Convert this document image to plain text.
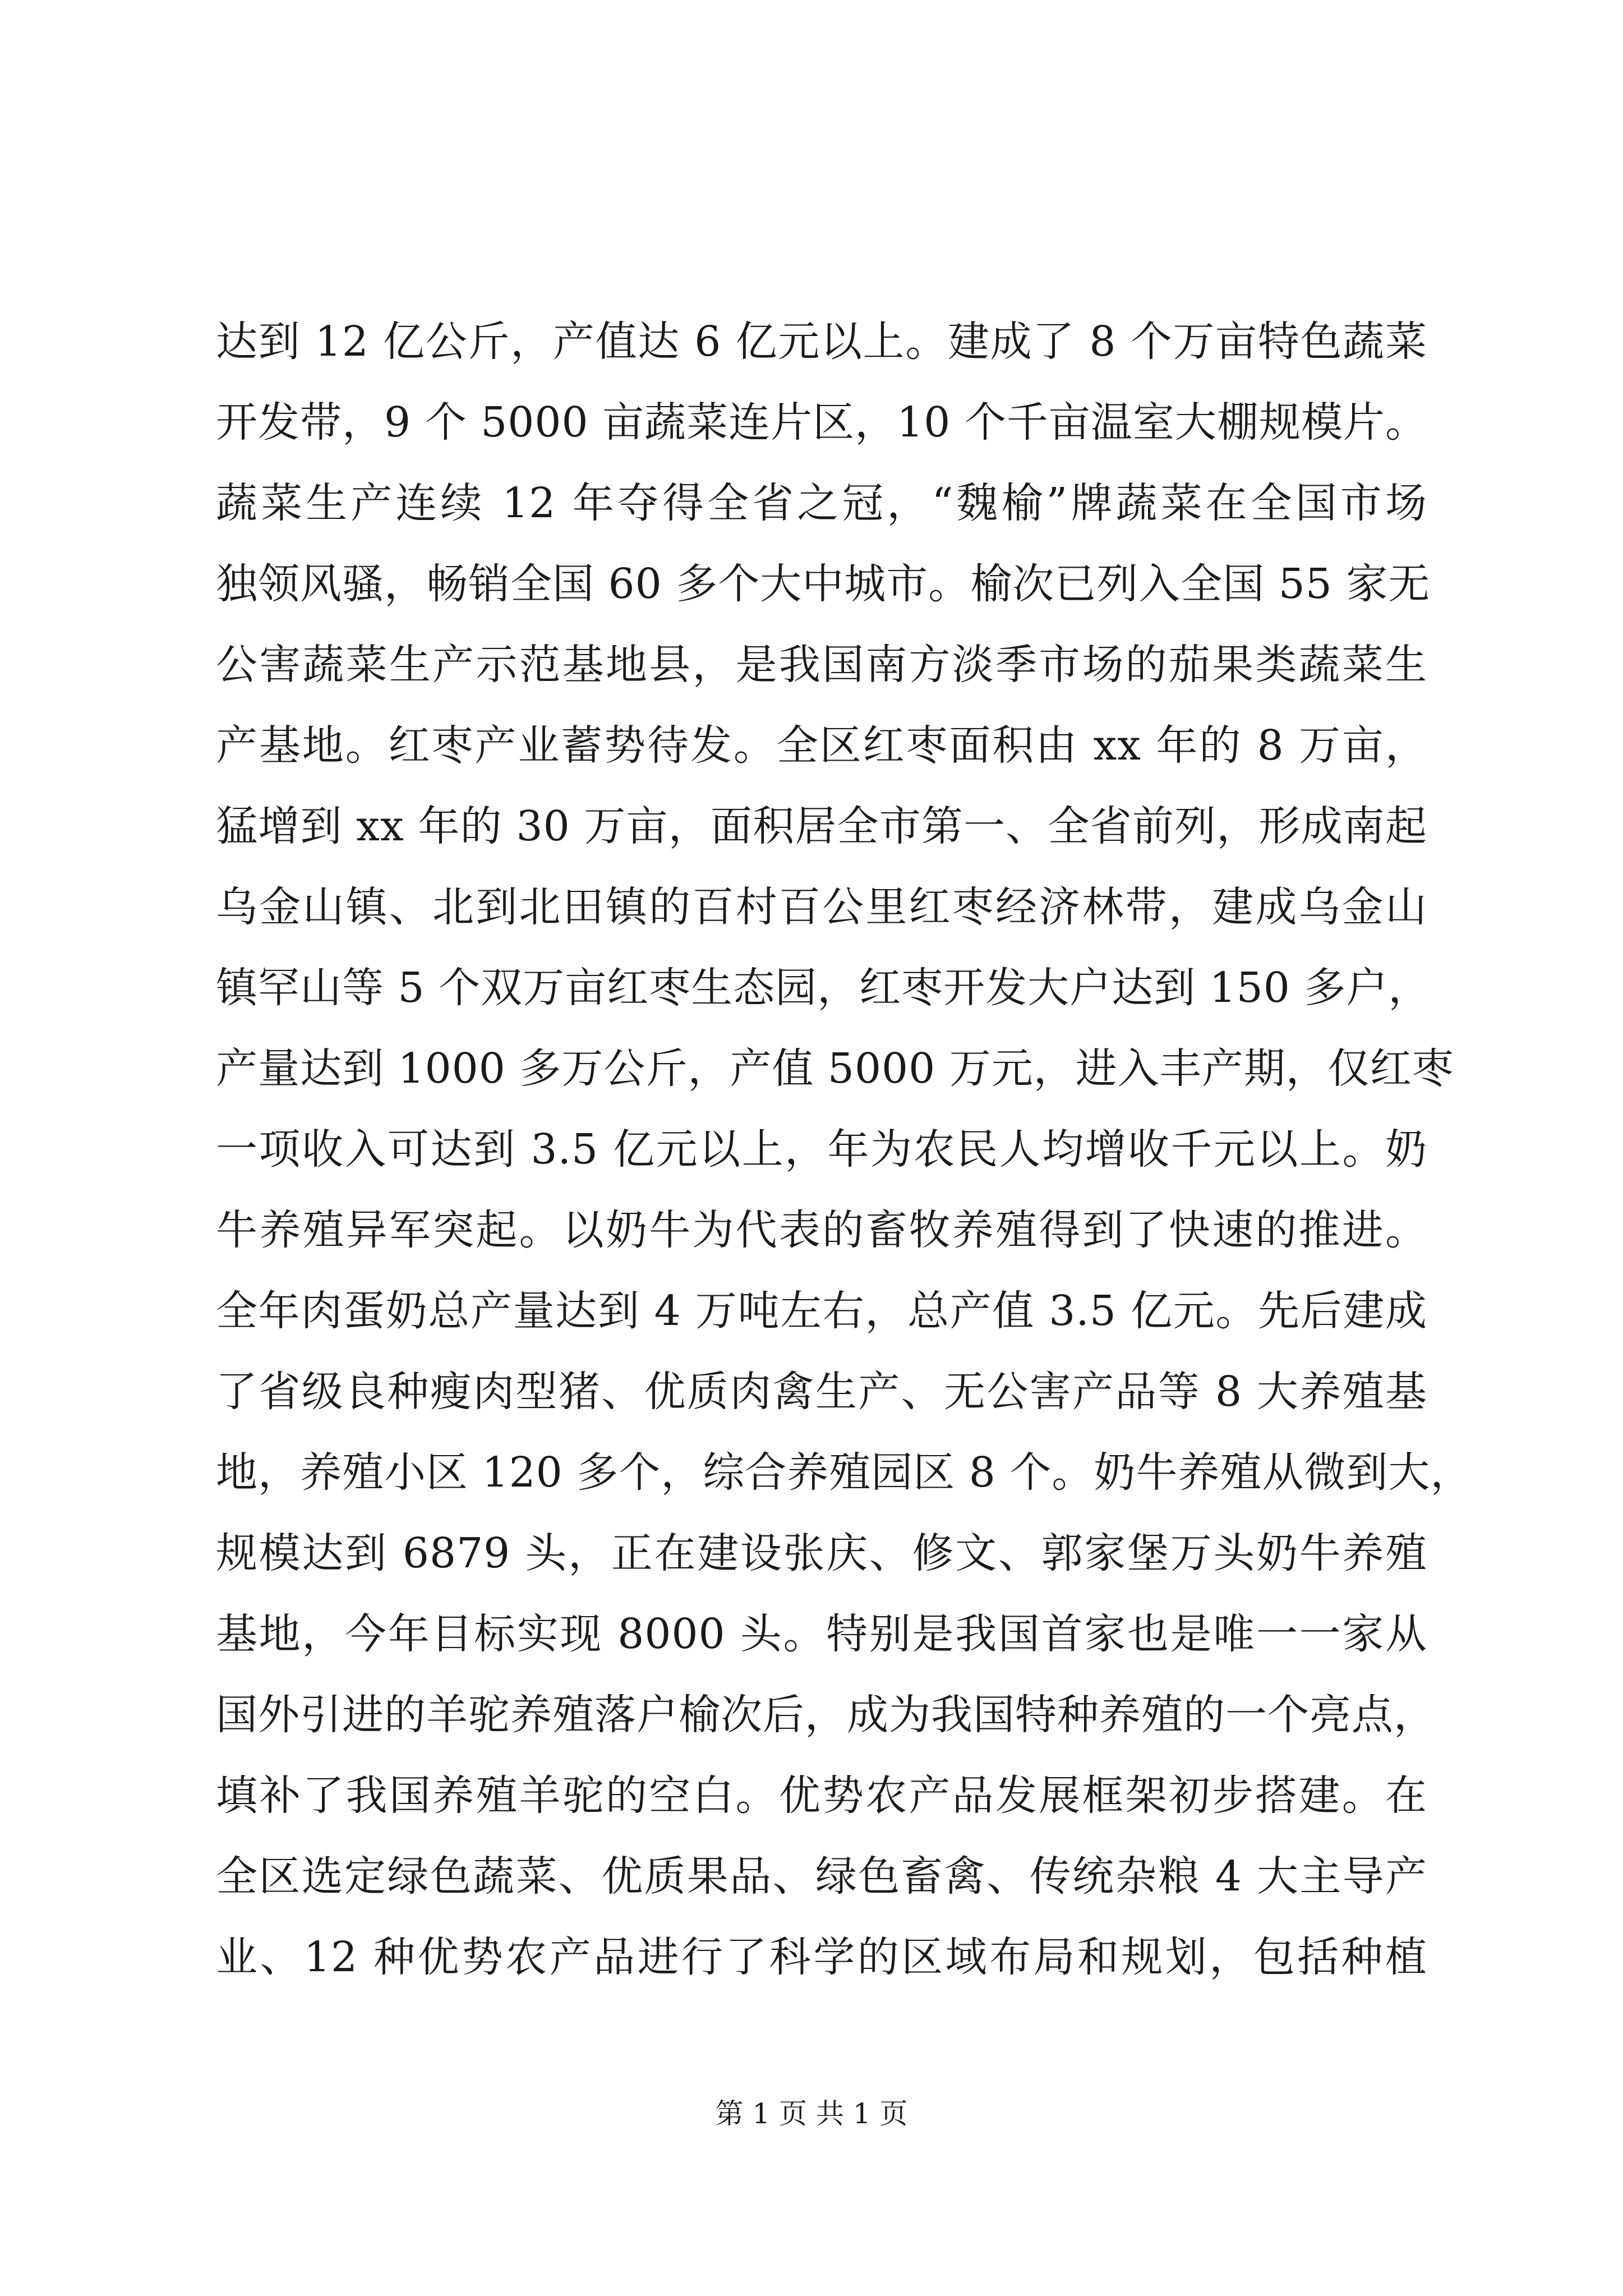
达到 12 亿公斤，产值达 6 亿元以上。建成了 8 个万亩特色蔬菜
开发带，9 个 5000 亩蔬菜连片区，10 个千亩温室大棚规模片。
蔬菜生产连续 12 年夺得全省之冠，“魏榆”牌蔬菜在全国市场
独领风骚，畅销全国 60 多个大中城市。榆次已列入全国 55 家无
公害蔬菜生产示范基地县，是我国南方淡季市场的茄果类蔬菜生
产基地。红枣产业蓄势待发。全区红枣面积由 xx 年的 8 万亩，
猛增到 xx 年的 30 万亩，面积居全市第一、全省前列，形成南起
乌金山镇、北到北田镇的百村百公里红枣经济林带，建成乌金山
镇罕山等 5 个双万亩红枣生态园，红枣开发大户达到 150 多户，
产量达到 1000 多万公斤，产值 5000 万元，进入丰产期，仅红枣
一项收入可达到 3.5 亿元以上，年为农民人均增收千元以上。奶
牛养殖异军突起。以奶牛为代表的畜牧养殖得到了快速的推进。
全年肉蛋奶总产量达到 4 万吨左右，总产值 3.5 亿元。先后建成
了省级良种瘦肉型猪、优质肉禽生产、无公害产品等 8 大养殖基
地，养殖小区 120 多个，综合养殖园区 8 个。奶牛养殖从微到大，
规模达到 6879 头，正在建设张庆、修文、郭家堡万头奶牛养殖
基地，今年目标实现 8000 头。特别是我国首家也是唯一一家从
国外引进的羊驼养殖落户榆次后，成为我国特种养殖的一个亮点，
填补了我国养殖羊驼的空白。优势农产品发展框架初步搭建。在
全区选定绿色蔬菜、优质果品、绿色畜禽、传统杂粮 4 大主导产
业、12 种优势农产品进行了科学的区域布局和规划，包括种植
第 1 页 共 1 页
